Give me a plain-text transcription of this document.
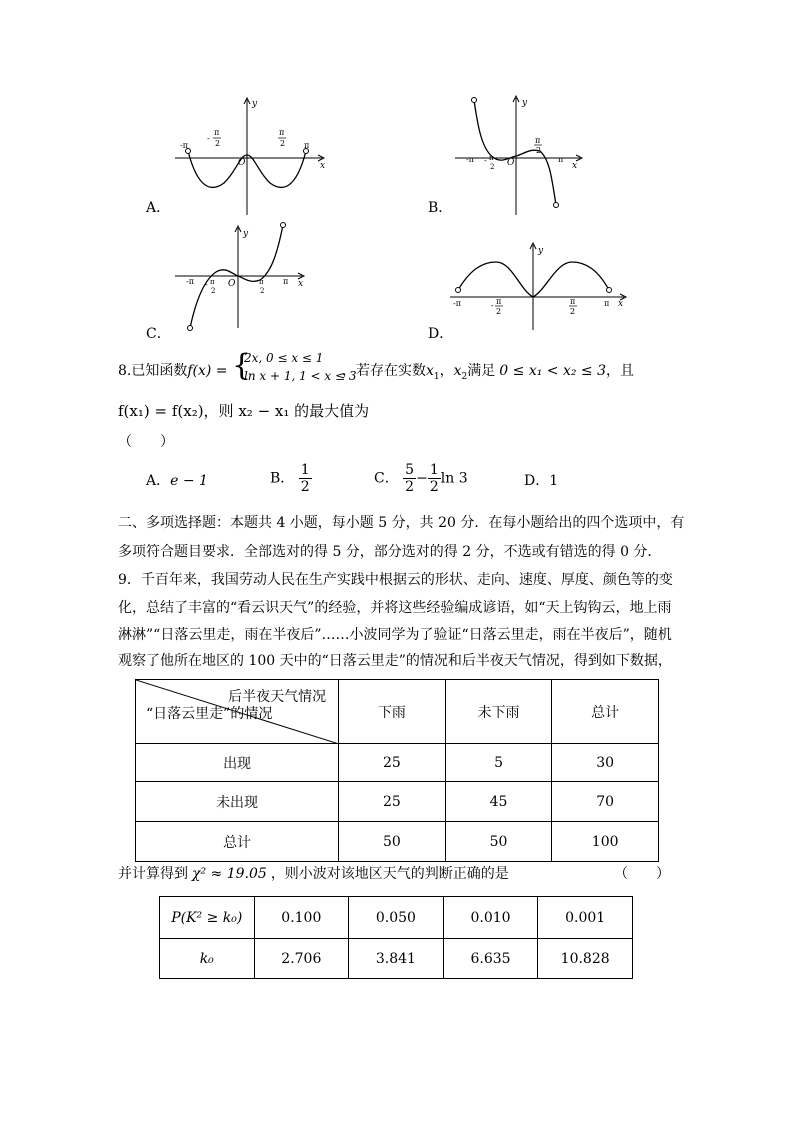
y
x
O
-π	π
-
π
2
π
2
y
x
O
-π	π
- π
2
π
2
y
x
O
-π	π
- π
2
π
2
y
x
-π	π
- π
2
π
2
A．	B．
C．	D．
8.已知函数f(x) = {
2x, 0 ≤ x ≤ 1
ln x + 1, 1 < x ≤ 3
，若存在实数$x_1$，$x_2$满足 0 ≤ x₁ < x₂ ≤ 3，且
f(x₁) = f(x₂)，则 x₂ − x₁ 的最大值为
（　　）
A．e − 1	B． $\frac{1}{2}$	C． $\frac{5}{2} - \frac{1}{2}$ ln 3	D．1
二、多项选择题：本题共 4 小题，每小题 5 分，共 20 分．在每小题给出的四个选项中，有
多项符合题目要求．全部选对的得 5 分，部分选对的得 2 分，不选或有错选的得 0 分．
9．千百年来，我国劳动人民在生产实践中根据云的形状、走向、速度、厚度、颜色等的变
化，总结了丰富的“看云识天气”的经验，并将这些经验编成谚语，如“天上钩钩云，地上雨
淋淋”“日落云里走，雨在半夜后”……小波同学为了验证“日落云里走，雨在半夜后”，随机
观察了他所在地区的 100 天中的“日落云里走”的情况和后半夜天气情况，得到如下数据，
后半夜天气情况
“日落云里走”的情况	下雨	未下雨	总计
出现	25	5	30
未出现	25	45	70
总计	50	50	100
并计算得到 χ² ≈ 19.05 ，则小波对该地区天气的判断正确的是	（　　）
P(K² ≥ k₀)	0.100	0.050	0.010	0.001
k₀	2.706	3.841	6.635	10.828
